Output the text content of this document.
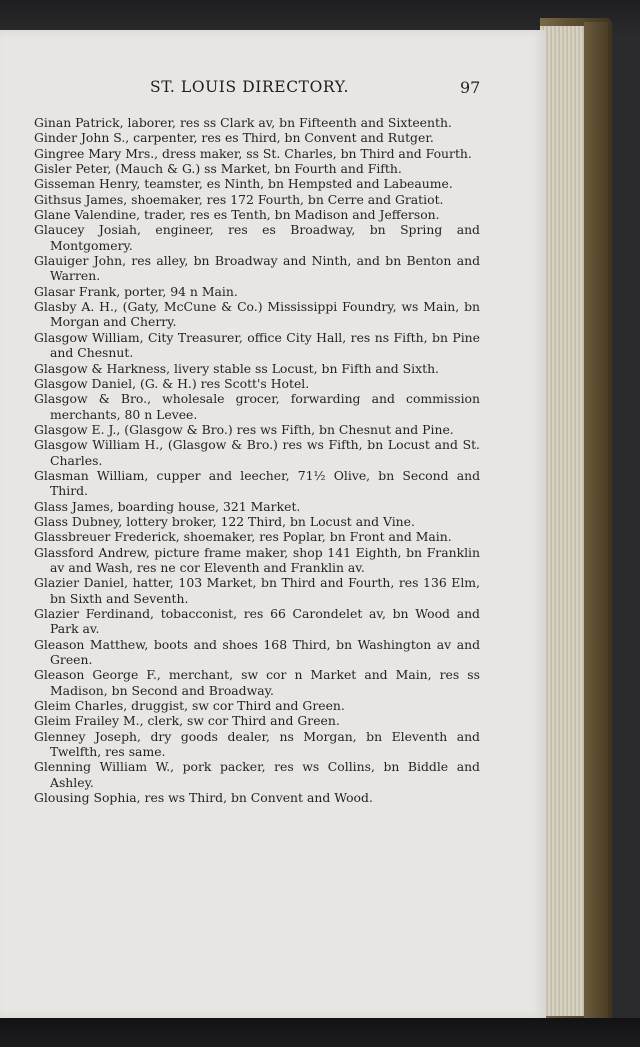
ST. LOUIS DIRECTORY.	97
Ginan Patrick, laborer, res ss Clark av, bn Fifteenth and Sixteenth.
Ginder John S., carpenter, res es Third, bn Convent and Rutger.
Gingree Mary Mrs., dress maker, ss St. Charles, bn Third and Fourth.
Gisler Peter, (Mauch & G.) ss Market, bn Fourth and Fifth.
Gisseman Henry, teamster, es Ninth, bn Hempsted and Labeaume.
Githsus James, shoemaker, res 172 Fourth, bn Cerre and Gratiot.
Glane Valendine, trader, res es Tenth, bn Madison and Jefferson.
Glaucey Josiah, engineer, res es Broadway, bn Spring and Montgomery.
Glauiger John, res alley, bn Broadway and Ninth, and bn Benton and Warren.
Glasar Frank, porter, 94 n Main.
Glasby A. H., (Gaty, McCune & Co.) Mississippi Foundry, ws Main, bn Morgan and Cherry.
Glasgow William, City Treasurer, office City Hall, res ns Fifth, bn Pine and Chesnut.
Glasgow & Harkness, livery stable ss Locust, bn Fifth and Sixth.
Glasgow Daniel, (G. & H.) res Scott's Hotel.
Glasgow & Bro., wholesale grocer, forwarding and commission merchants, 80 n Levee.
Glasgow E. J., (Glasgow & Bro.) res ws Fifth, bn Chesnut and Pine.
Glasgow William H., (Glasgow & Bro.) res ws Fifth, bn Locust and St. Charles.
Glasman William, cupper and leecher, 71½ Olive, bn Second and Third.
Glass James, boarding house, 321 Market.
Glass Dubney, lottery broker, 122 Third, bn Locust and Vine.
Glassbreuer Frederick, shoemaker, res Poplar, bn Front and Main.
Glassford Andrew, picture frame maker, shop 141 Eighth, bn Franklin av and Wash, res ne cor Eleventh and Franklin av.
Glazier Daniel, hatter, 103 Market, bn Third and Fourth, res 136 Elm, bn Sixth and Seventh.
Glazier Ferdinand, tobacconist, res 66 Carondelet av, bn Wood and Park av.
Gleason Matthew, boots and shoes 168 Third, bn Washington av and Green.
Gleason George F., merchant, sw cor n Market and Main, res ss Madison, bn Second and Broadway.
Gleim Charles, druggist, sw cor Third and Green.
Gleim Frailey M., clerk, sw cor Third and Green.
Glenney Joseph, dry goods dealer, ns Morgan, bn Eleventh and Twelfth, res same.
Glenning William W., pork packer, res ws Collins, bn Biddle and Ashley.
Glousing Sophia, res ws Third, bn Convent and Wood.
